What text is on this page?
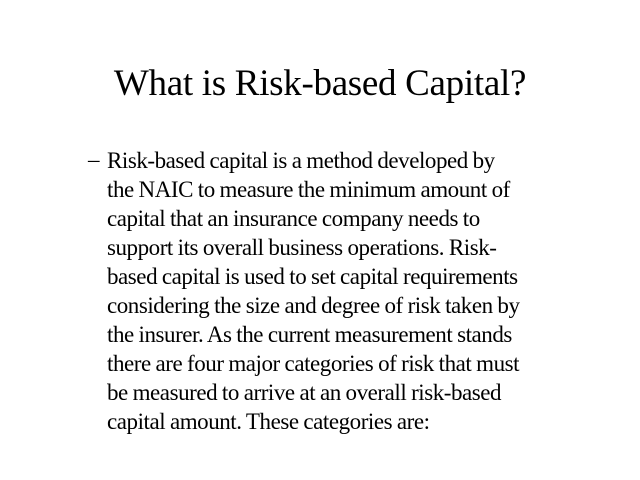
What is Risk-based Capital?
– Risk-based capital is a method developed by
the NAIC to measure the minimum amount of
capital that an insurance company needs to
support its overall business operations. Risk-
based capital is used to set capital requirements
considering the size and degree of risk taken by
the insurer. As the current measurement stands
there are four major categories of risk that must
be measured to arrive at an overall risk-based
capital amount. These categories are:
